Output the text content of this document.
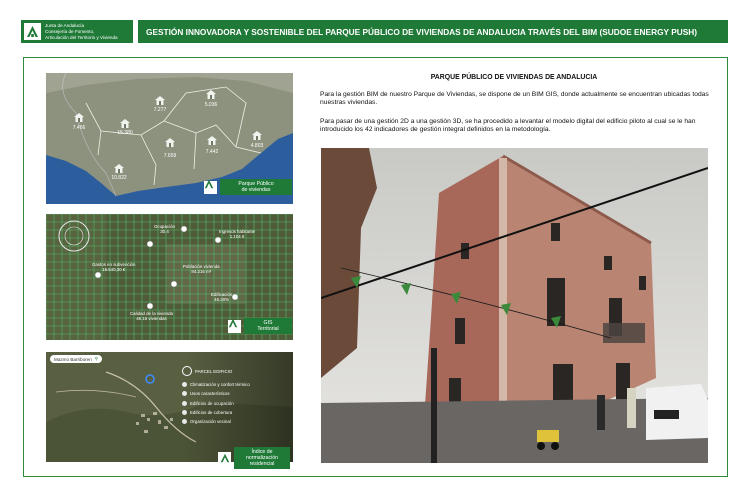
Junta de Andalucía
Consejería de Fomento,
Articulación del Territorio y Vivienda
GESTIÓN INNOVADORA Y SOSTENIBLE DEL PARQUE PÚBLICO DE VIVIENDAS DE ANDALUCIA TRAVÉS DEL BIM (SUDOE ENERGY PUSH)
7.466
15.380
7.277
5.036
7.659
7.442
4.803
10.822
Parque Público
de viviendas
Ocupación
30,4	Ingresos habitante
1.104 €
Gastos en subvención
16.540,30 €
Población vivienda
84.216 m²
Edificación
46.30%
Calidad de la vivienda
46.15 viviendas
GIS
Territorial
Mazmo Barriboren ⚲
PARCEL EDIFICIO
Climatización y confort térmico
Usos característicos
Edificios de ocupación
Edificios de cobertura
Organización vecinal
Índice de normalización
residencial
PARQUE PÚBLICO DE VIVIENDAS DE ANDALUCIA
Para la gestión BIM de nuestro Parque de Viviendas, se dispone de un BIM GIS, donde actualmente se encuentran ubicadas todas nuestras viviendas.
Para pasar de una gestión 2D a una gestión 3D, se ha procedido a levantar el modelo digital del edificio piloto al cual se le han introducido los 42 indicadores de gestión integral definidos en la metodología.
